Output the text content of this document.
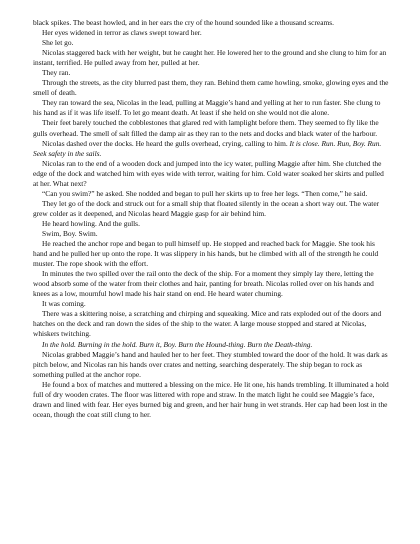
black spikes. The beast howled, and in her ears the cry of the hound sounded like a thousand screams.

Her eyes widened in terror as claws swept toward her.

She let go.

Nicolas staggered back with her weight, but he caught her. He lowered her to the ground and she clung to him for an instant, terrified. He pulled away from her, pulled at her.

They ran.

Through the streets, as the city blurred past them, they ran. Behind them came howling, smoke, glowing eyes and the smell of death.

They ran toward the sea, Nicolas in the lead, pulling at Maggie’s hand and yelling at her to run faster. She clung to his hand as if it was life itself. To let go meant death. At least if she held on she would not die alone.

Their feet barely touched the cobblestones that glared red with lamplight before them. They seemed to fly like the gulls overhead. The smell of salt filled the damp air as they ran to the nets and docks and black water of the harbour.

Nicolas dashed over the docks. He heard the gulls overhead, crying, calling to him. It is close. Run. Run, Boy. Run. Seek safety in the sails.

Nicolas ran to the end of a wooden dock and jumped into the icy water, pulling Maggie after him. She clutched the edge of the dock and watched him with eyes wide with terror, waiting for him. Cold water soaked her skirts and pulled at her. What next?

“Can you swim?” he asked. She nodded and began to pull her skirts up to free her legs. “Then come,” he said.

They let go of the dock and struck out for a small ship that floated silently in the ocean a short way out. The water grew colder as it deepened, and Nicolas heard Maggie gasp for air behind him.

He heard howling. And the gulls.

Swim, Boy. Swim.

He reached the anchor rope and began to pull himself up. He stopped and reached back for Maggie. She took his hand and he pulled her up onto the rope. It was slippery in his hands, but he climbed with all of the strength he could muster. The rope shook with the effort.

In minutes the two spilled over the rail onto the deck of the ship. For a moment they simply lay there, letting the wood absorb some of the water from their clothes and hair, panting for breath. Nicolas rolled over on his hands and knees as a low, mournful howl made his hair stand on end. He heard water churning.

It was coming.

There was a skittering noise, a scratching and chirping and squeaking. Mice and rats exploded out of the doors and hatches on the deck and ran down the sides of the ship to the water. A large mouse stopped and stared at Nicolas, whiskers twitching.

In the hold. Burning in the hold. Burn it, Boy. Burn the Hound-thing. Burn the Death-thing.

Nicolas grabbed Maggie’s hand and hauled her to her feet. They stumbled toward the door of the hold. It was dark as pitch below, and Nicolas ran his hands over crates and netting, searching desperately. The ship began to rock as something pulled at the anchor rope.

He found a box of matches and muttered a blessing on the mice. He lit one, his hands trembling. It illuminated a hold full of dry wooden crates. The floor was littered with rope and straw. In the match light he could see Maggie’s face, drawn and lined with fear. Her eyes burned big and green, and her hair hung in wet strands. Her cap had been lost in the ocean, though the coat still clung to her.
